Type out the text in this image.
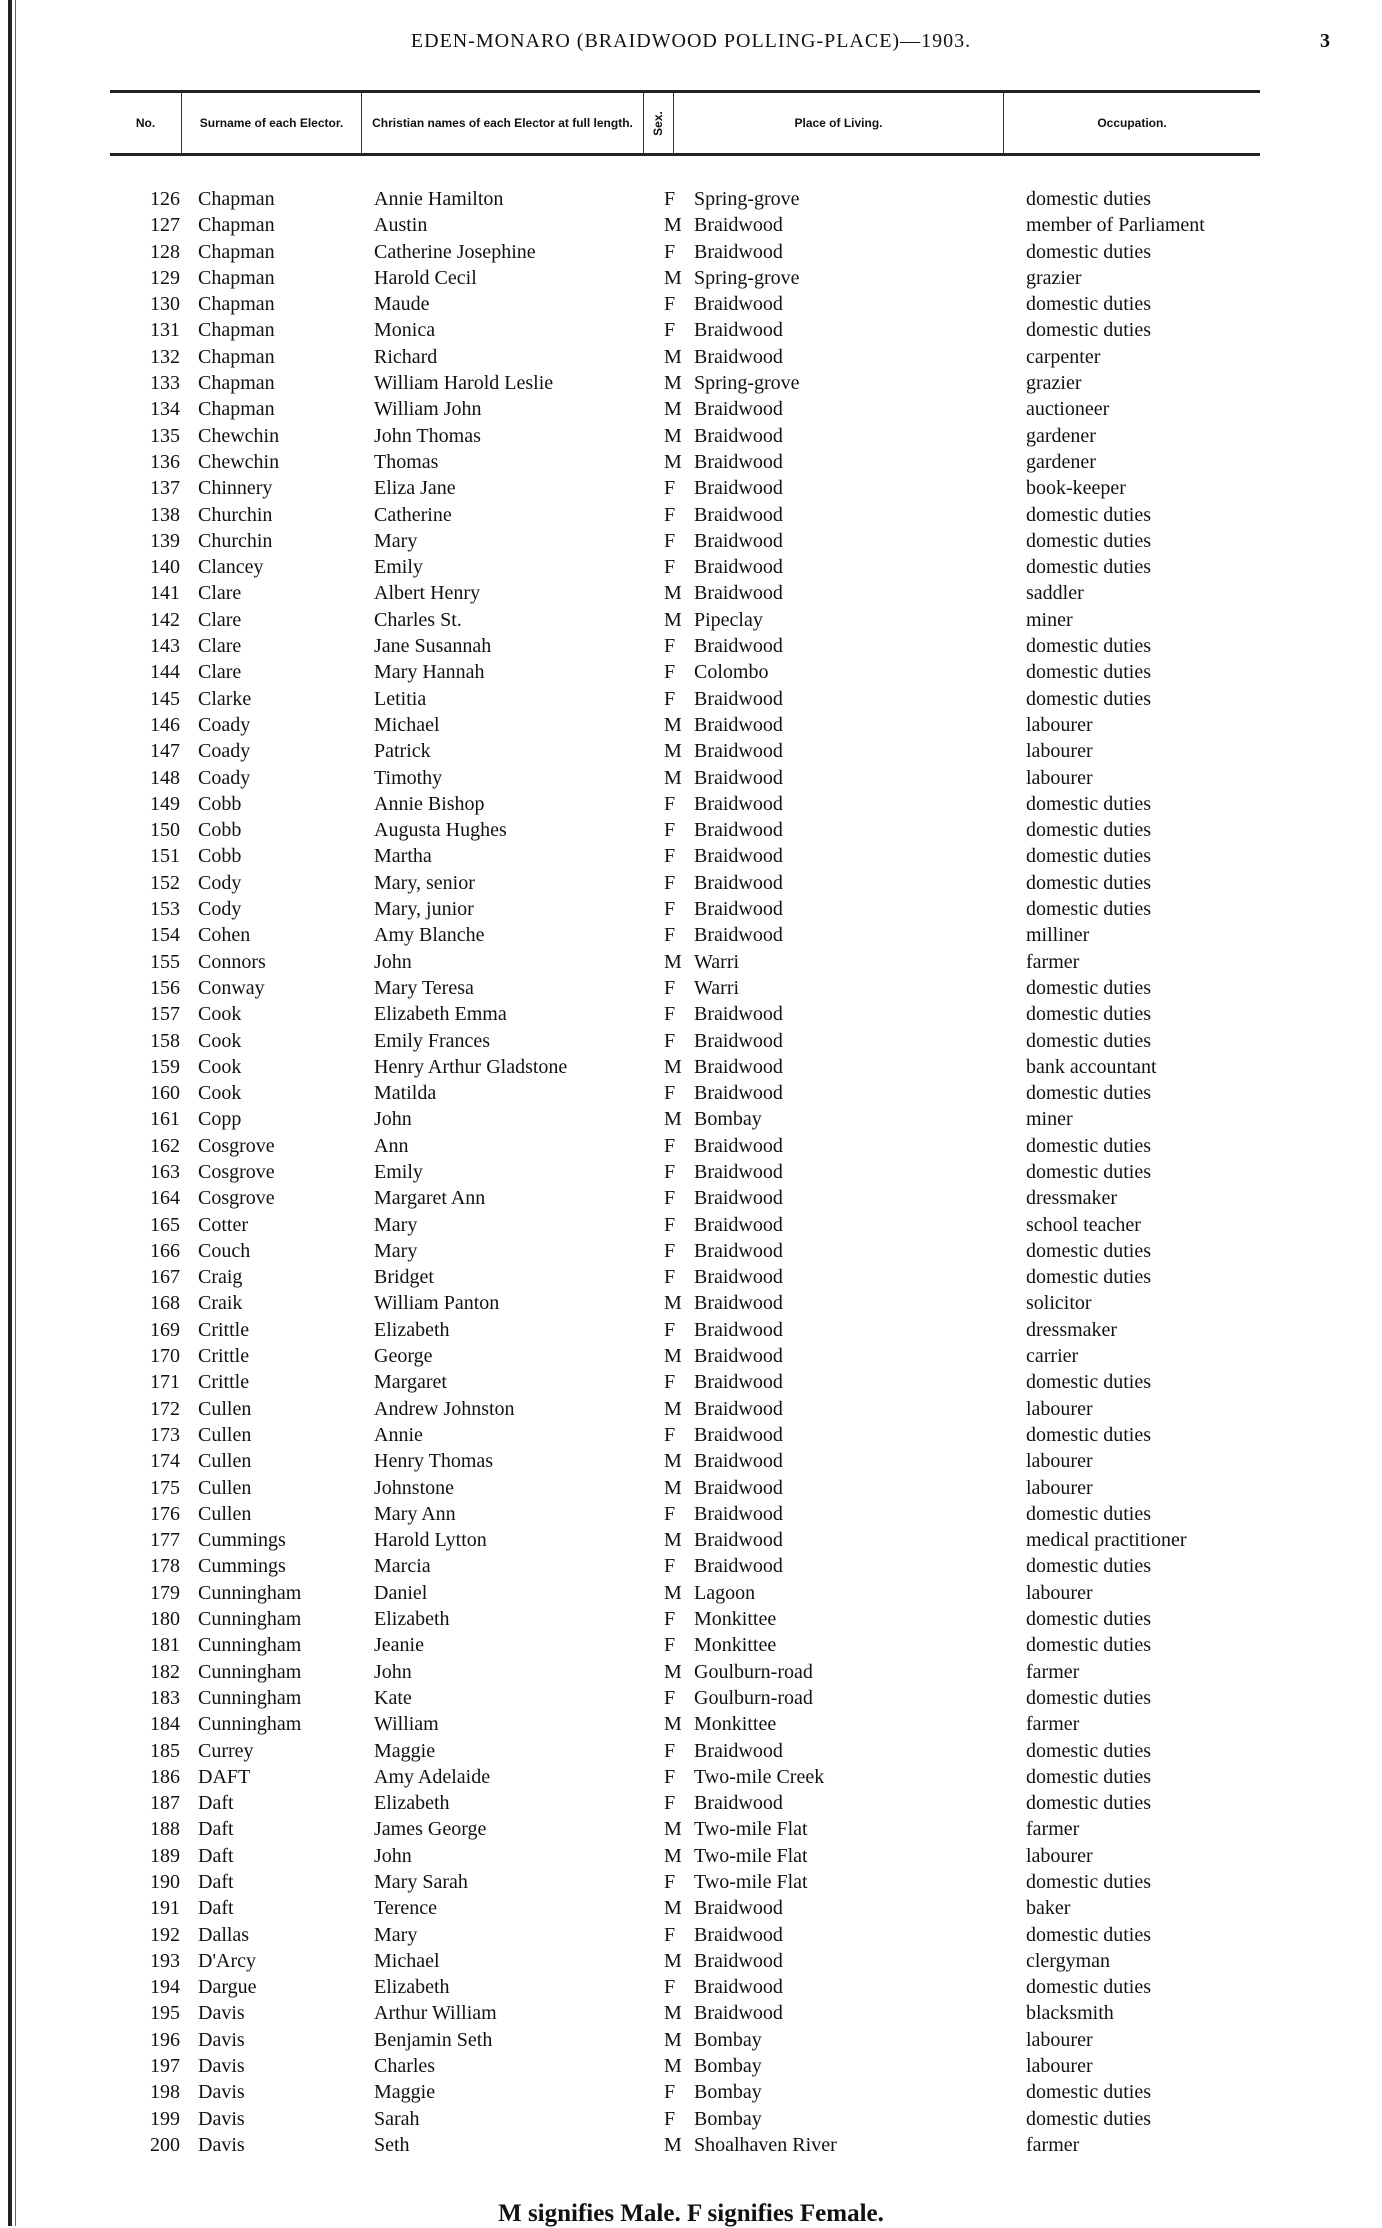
EDEN-MONARO (BRAIDWOOD POLLING-PLACE)—1903.	3
No.	Surname of each Elector.	Christian names of each Elector at full length.	Sex.	Place of Living.	Occupation.
126 Chapman	Annie Hamilton	F Spring-grove	domestic duties
127 Chapman	Austin	M Braidwood	member of Parliament
128 Chapman	Catherine Josephine	F Braidwood	domestic duties
129 Chapman	Harold Cecil	M Spring-grove	grazier
130 Chapman	Maude	F Braidwood	domestic duties
131 Chapman	Monica	F Braidwood	domestic duties
132 Chapman	Richard	M Braidwood	carpenter
133 Chapman	William Harold Leslie	M Spring-grove	grazier
134 Chapman	William John	M Braidwood	auctioneer
135 Chewchin	John Thomas	M Braidwood	gardener
136 Chewchin	Thomas	M Braidwood	gardener
137 Chinnery	Eliza Jane	F Braidwood	book-keeper
138 Churchin	Catherine	F Braidwood	domestic duties
139 Churchin	Mary	F Braidwood	domestic duties
140 Clancey	Emily	F Braidwood	domestic duties
141 Clare	Albert Henry	M Braidwood	saddler
142 Clare	Charles St.	M Pipeclay	miner
143 Clare	Jane Susannah	F Braidwood	domestic duties
144 Clare	Mary Hannah	F Colombo	domestic duties
145 Clarke	Letitia	F Braidwood	domestic duties
146 Coady	Michael	M Braidwood	labourer
147 Coady	Patrick	M Braidwood	labourer
148 Coady	Timothy	M Braidwood	labourer
149 Cobb	Annie Bishop	F Braidwood	domestic duties
150 Cobb	Augusta Hughes	F Braidwood	domestic duties
151 Cobb	Martha	F Braidwood	domestic duties
152 Cody	Mary, senior	F Braidwood	domestic duties
153 Cody	Mary, junior	F Braidwood	domestic duties
154 Cohen	Amy Blanche	F Braidwood	milliner
155 Connors	John	M Warri	farmer
156 Conway	Mary Teresa	F Warri	domestic duties
157 Cook	Elizabeth Emma	F Braidwood	domestic duties
158 Cook	Emily Frances	F Braidwood	domestic duties
159 Cook	Henry Arthur Gladstone	M Braidwood	bank accountant
160 Cook	Matilda	F Braidwood	domestic duties
161 Copp	John	M Bombay	miner
162 Cosgrove	Ann	F Braidwood	domestic duties
163 Cosgrove	Emily	F Braidwood	domestic duties
164 Cosgrove	Margaret Ann	F Braidwood	dressmaker
165 Cotter	Mary	F Braidwood	school teacher
166 Couch	Mary	F Braidwood	domestic duties
167 Craig	Bridget	F Braidwood	domestic duties
168 Craik	William Panton	M Braidwood	solicitor
169 Crittle	Elizabeth	F Braidwood	dressmaker
170 Crittle	George	M Braidwood	carrier
171 Crittle	Margaret	F Braidwood	domestic duties
172 Cullen	Andrew Johnston	M Braidwood	labourer
173 Cullen	Annie	F Braidwood	domestic duties
174 Cullen	Henry Thomas	M Braidwood	labourer
175 Cullen	Johnstone	M Braidwood	labourer
176 Cullen	Mary Ann	F Braidwood	domestic duties
177 Cummings	Harold Lytton	M Braidwood	medical practitioner
178 Cummings	Marcia	F Braidwood	domestic duties
179 Cunningham	Daniel	M Lagoon	labourer
180 Cunningham	Elizabeth	F Monkittee	domestic duties
181 Cunningham	Jeanie	F Monkittee	domestic duties
182 Cunningham	John	M Goulburn-road	farmer
183 Cunningham	Kate	F Goulburn-road	domestic duties
184 Cunningham	William	M Monkittee	farmer
185 Currey	Maggie	F Braidwood	domestic duties
186 DAFT	Amy Adelaide	F Two-mile Creek	domestic duties
187 Daft	Elizabeth	F Braidwood	domestic duties
188 Daft	James George	M Two-mile Flat	farmer
189 Daft	John	M Two-mile Flat	labourer
190 Daft	Mary Sarah	F Two-mile Flat	domestic duties
191 Daft	Terence	M Braidwood	baker
192 Dallas	Mary	F Braidwood	domestic duties
193 D'Arcy	Michael	M Braidwood	clergyman
194 Dargue	Elizabeth	F Braidwood	domestic duties
195 Davis	Arthur William	M Braidwood	blacksmith
196 Davis	Benjamin Seth	M Bombay	labourer
197 Davis	Charles	M Bombay	labourer
198 Davis	Maggie	F Bombay	domestic duties
199 Davis	Sarah	F Bombay	domestic duties
200 Davis	Seth	M Shoalhaven River	farmer
M signifies Male. F signifies Female.
